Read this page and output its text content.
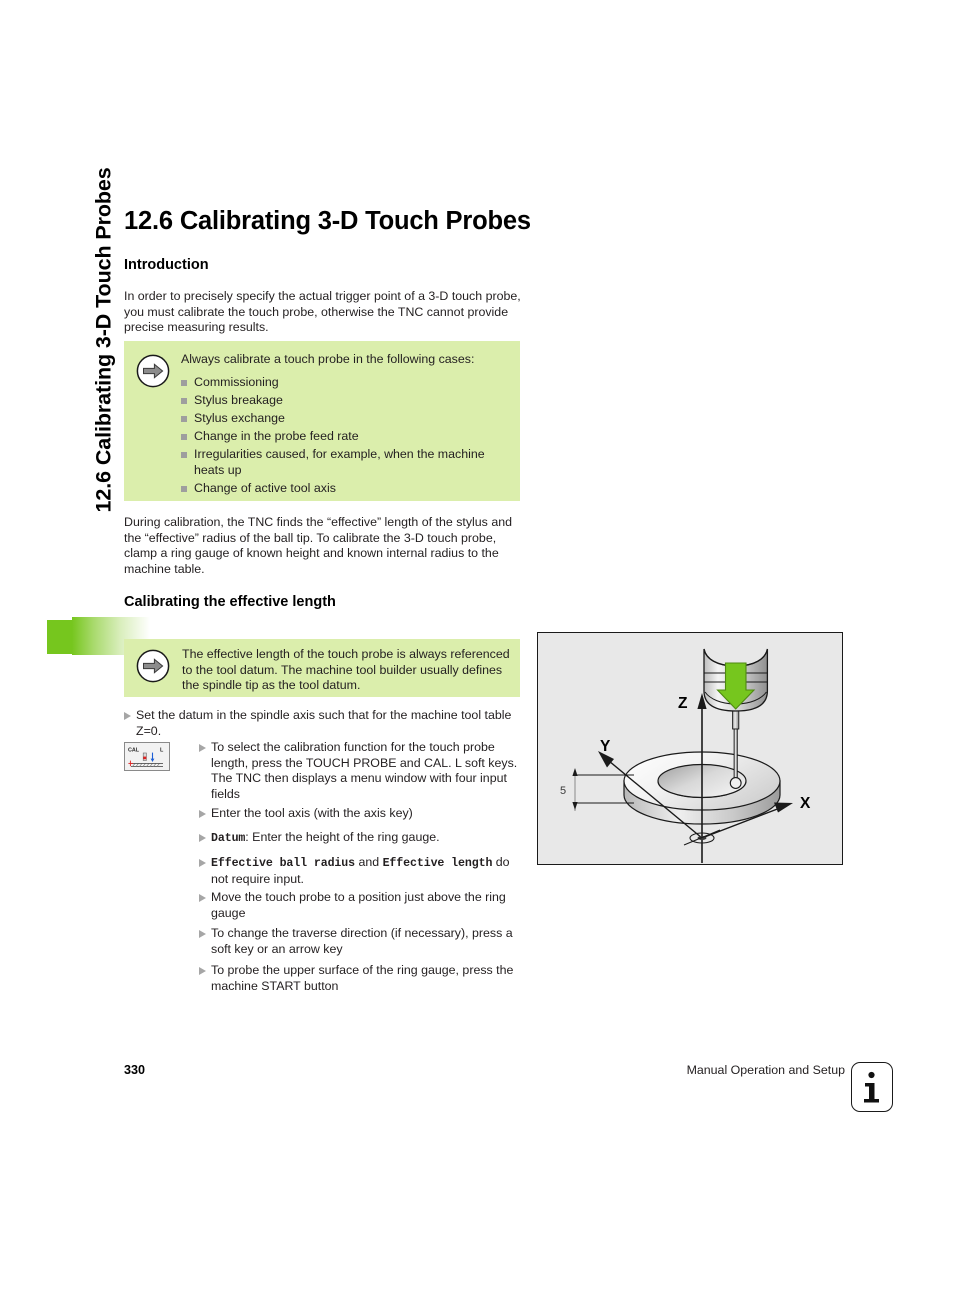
12.6 Calibrating 3-D Touch Probes 12.6 Calibrating 3-D Touch Probes
Introduction

In order to precisely specify the actual trigger point of a 3-D touch probe, you must calibrate the touch probe, otherwise the TNC cannot provide precise measuring results.

Always calibrate a touch probe in the following cases:
Commissioning
Stylus breakage
Stylus exchange
Change in the probe feed rate
Irregularities caused, for example, when the machine heats up
Change of active tool axis

During calibration, the TNC finds the “effective” length of the stylus and the “effective” radius of the ball tip. To calibrate the 3-D touch probe, clamp a ring gauge of known height and known internal radius to the machine table.

Calibrating the effective length
The effective length of the touch probe is always referenced to the tool datum. The machine tool builder usually defines the spindle tip as the tool datum.
Set the datum in the spindle axis such that for the machine tool table Z=0.
CAL	L	To select the calibration function for the touch probe length, press the TOUCH PROBE and CAL. L soft keys. The TNC then displays a menu window with four input fields
Enter the tool axis (with the axis key)
Datum: Enter the height of the ring gauge.
Effective ball radius and Effective length do not require input.
Move the touch probe to a position just above the ring gauge
To change the traverse direction (if necessary), press a soft key or an arrow key
To probe the upper surface of the ring gauge, press the machine START button
Z
X
Y
5
330	Manual Operation and Setup
